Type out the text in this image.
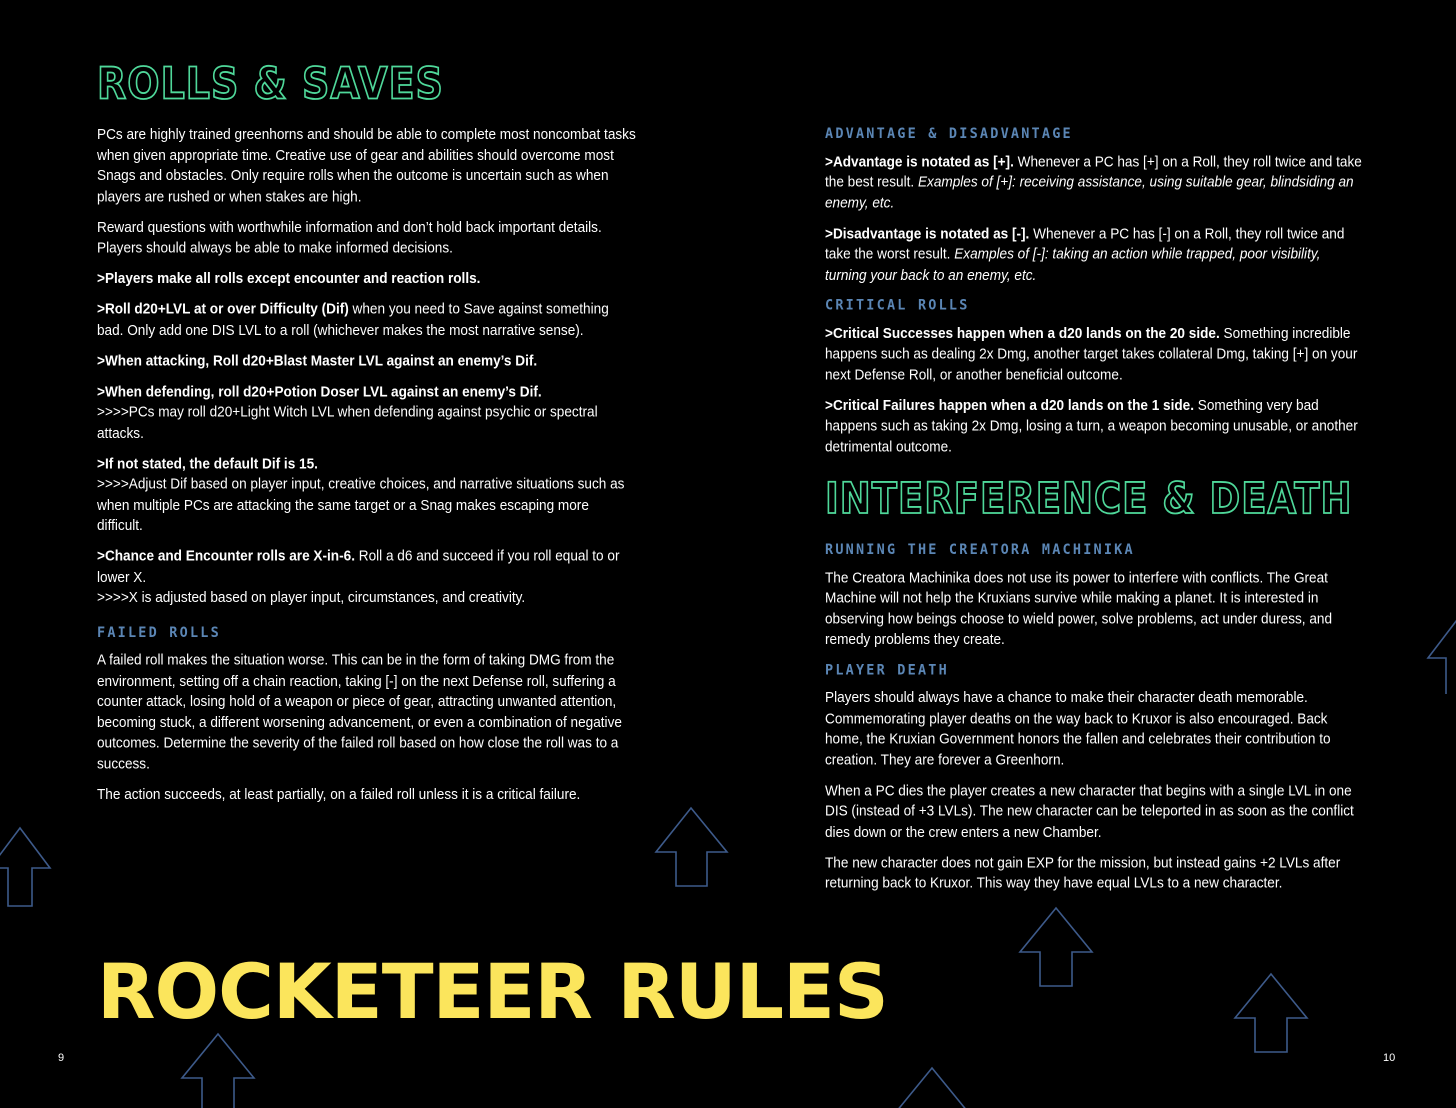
ROLLS & SAVES

PCs are highly trained greenhorns and should be able to complete most noncombat tasks when given appropriate time. Creative use of gear and abilities should overcome most Snags and obstacles. Only require rolls when the outcome is uncertain such as when players are rushed or when stakes are high.

Reward questions with worthwhile information and don’t hold back important details. Players should always be able to make informed decisions.

>Players make all rolls except encounter and reaction rolls.

>Roll d20+LVL at or over Difficulty (Dif) when you need to Save against something bad. Only add one DIS LVL to a roll (whichever makes the most narrative sense).

>When attacking, Roll d20+Blast Master LVL against an enemy’s Dif.

>When defending, roll d20+Potion Doser LVL against an enemy’s Dif.
>>>>PCs may roll d20+Light Witch LVL when defending against psychic or spectral attacks.

>If not stated, the default Dif is 15.
>>>>Adjust Dif based on player input, creative choices, and narrative situations such as when multiple PCs are attacking the same target or a Snag makes escaping more difficult.

>Chance and Encounter rolls are X-in-6. Roll a d6 and succeed if you roll equal to or lower X.
>>>>X is adjusted based on player input, circumstances, and creativity.

FAILED ROLLS

A failed roll makes the situation worse. This can be in the form of taking DMG from the environment, setting off a chain reaction, taking [-] on the next Defense roll, suffering a counter attack, losing hold of a weapon or piece of gear, attracting unwanted attention, becoming stuck, a different worsening advancement, or even a combination of negative outcomes. Determine the severity of the failed roll based on how close the roll was to a success.

The action succeeds, at least partially, on a failed roll unless it is a critical failure.

ROCKETEER RULES
9
ADVANTAGE & DISADVANTAGE

>Advantage is notated as [+]. Whenever a PC has [+] on a Roll, they roll twice and take the best result. Examples of [+]: receiving assistance, using suitable gear, blindsiding an enemy, etc.

>Disadvantage is notated as [-]. Whenever a PC has [-] on a Roll, they roll twice and take the worst result. Examples of [-]: taking an action while trapped, poor visibility, turning your back to an enemy, etc.

CRITICAL ROLLS

>Critical Successes happen when a d20 lands on the 20 side. Something incredible happens such as dealing 2x Dmg, another target takes collateral Dmg, taking [+] on your next Defense Roll, or another beneficial outcome.

>Critical Failures happen when a d20 lands on the 1 side. Something very bad happens such as taking 2x Dmg, losing a turn, a weapon becoming unusable, or another detrimental outcome.

INTERFERENCE & DEATH
RUNNING THE CREATORA MACHINIKA

The Creatora Machinika does not use its power to interfere with conflicts. The Great Machine will not help the Kruxians survive while making a planet. It is interested in observing how beings choose to wield power, solve problems, act under duress, and remedy problems they create.

PLAYER DEATH

Players should always have a chance to make their character death memorable. Commemorating player deaths on the way back to Kruxor is also encouraged. Back home, the Kruxian Government honors the fallen and celebrates their contribution to creation. They are forever a Greenhorn.

When a PC dies the player creates a new character that begins with a single LVL in one DIS (instead of +3 LVLs). The new character can be teleported in as soon as the conflict dies down or the crew enters a new Chamber.

The new character does not gain EXP for the mission, but instead gains +2 LVLs after returning back to Kruxor. This way they have equal LVLs to a new character.

10
